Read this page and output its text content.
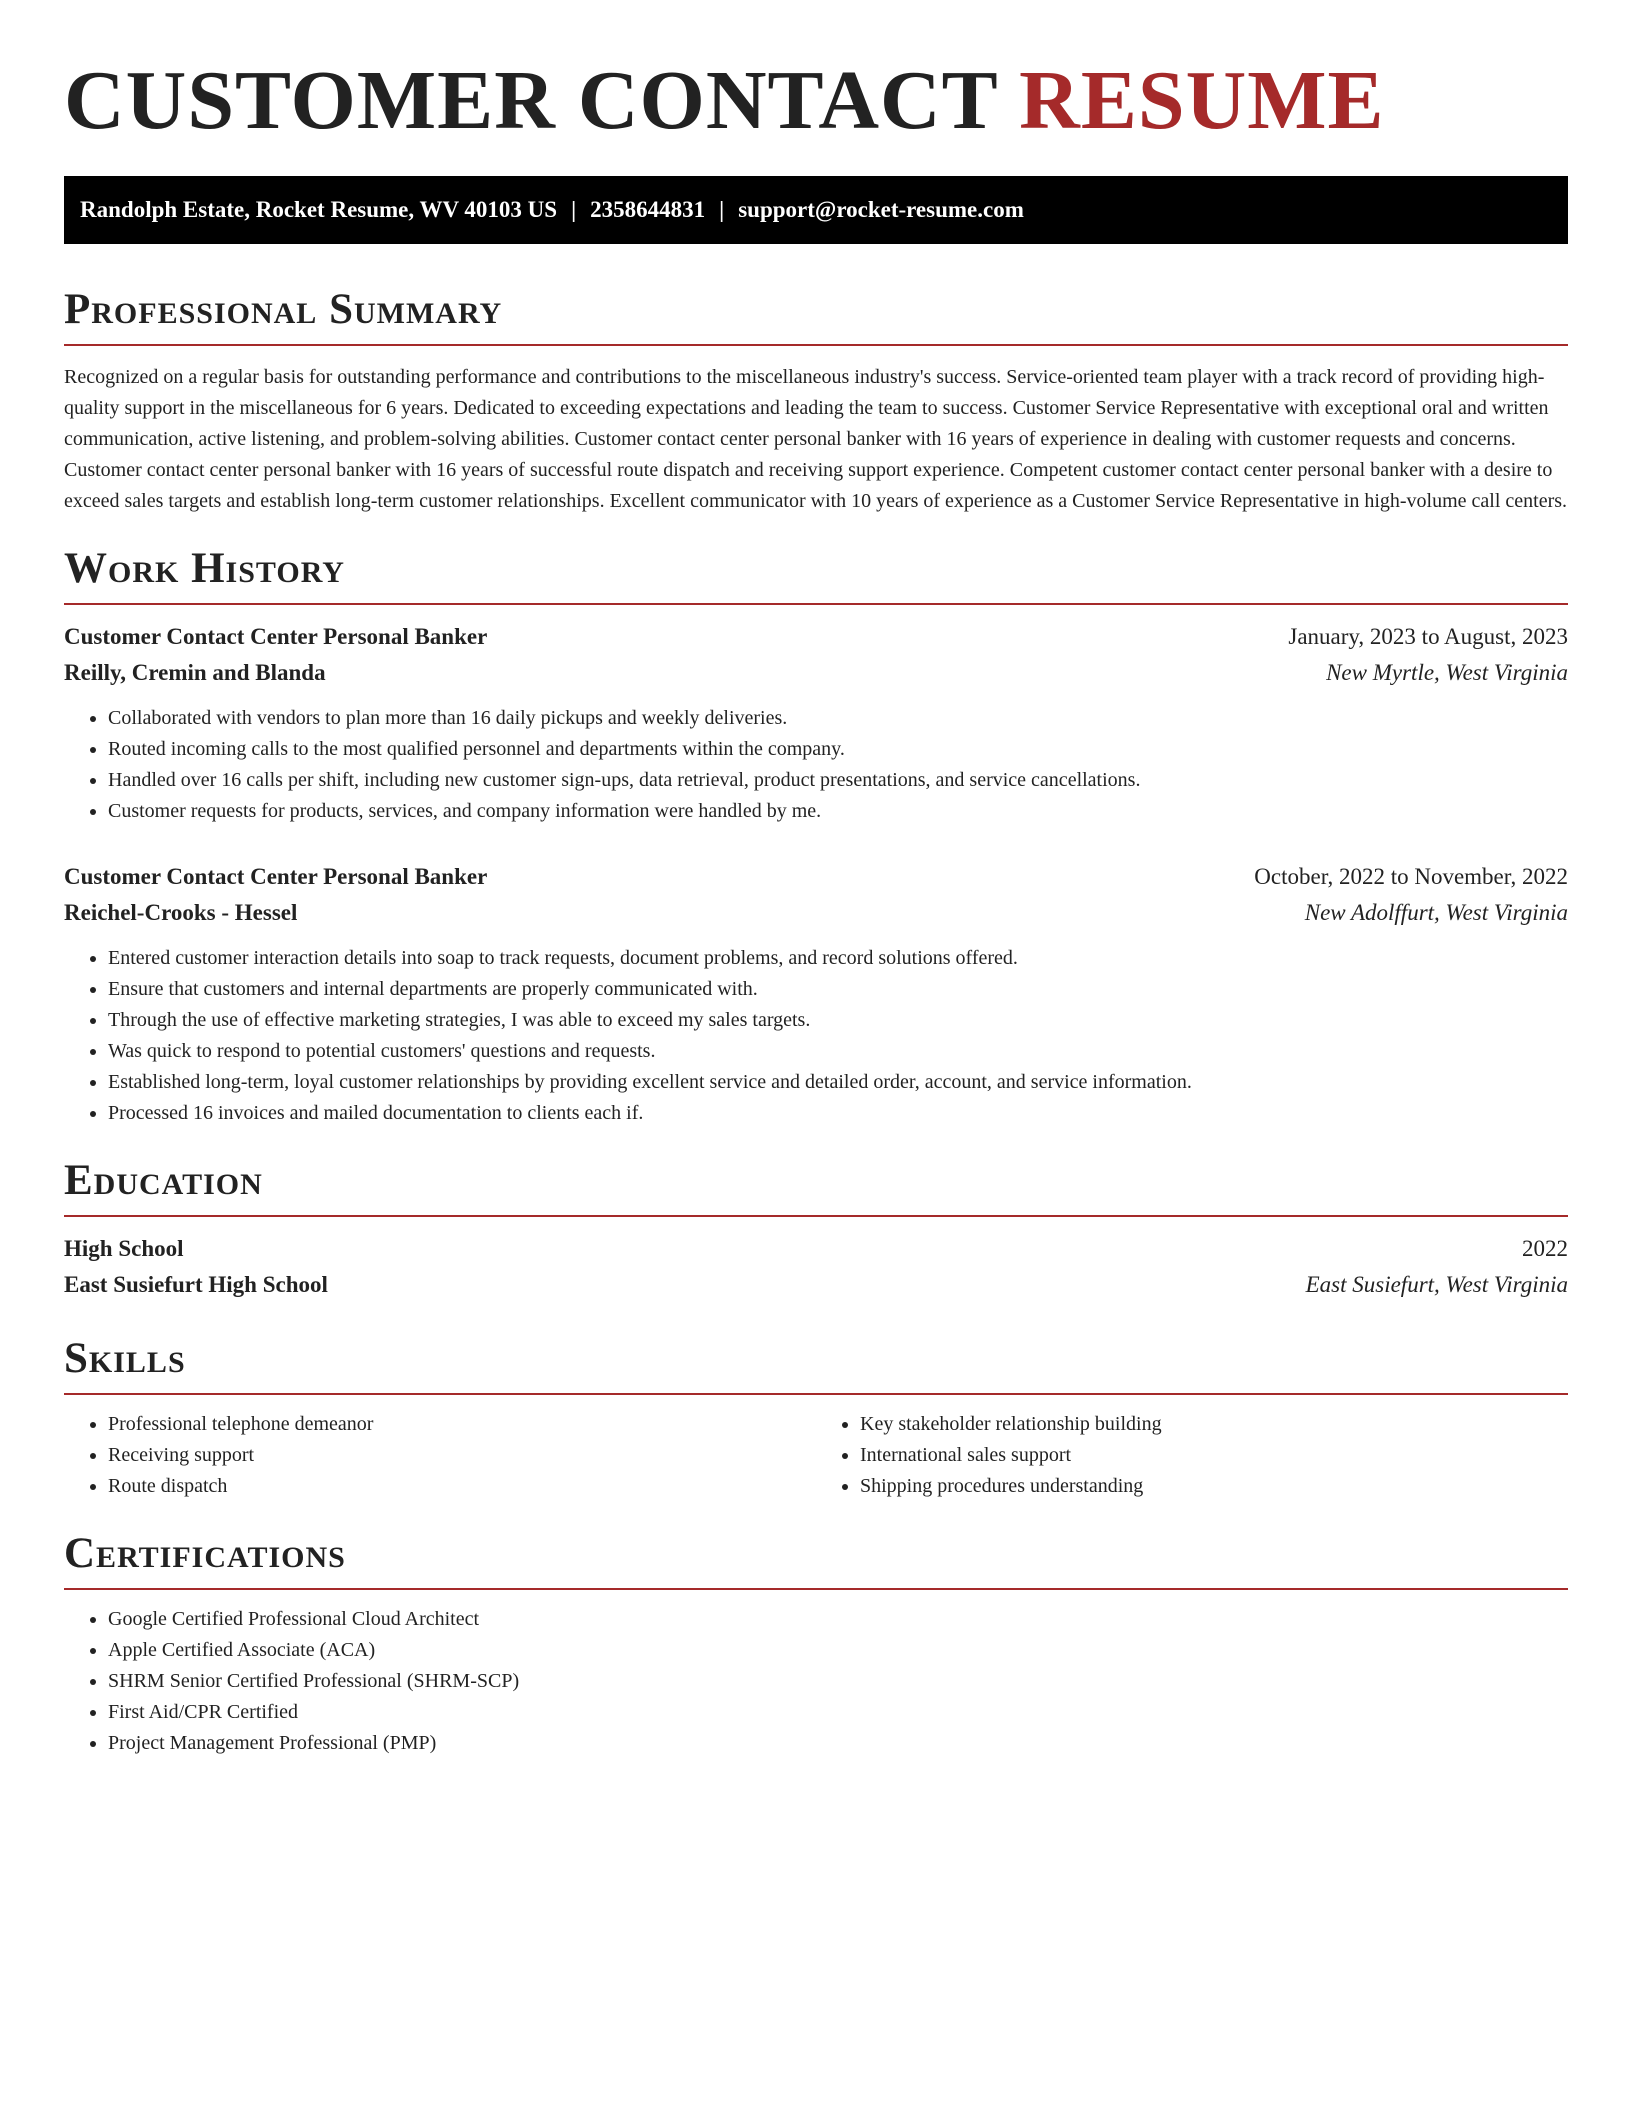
CUSTOMER CONTACT RESUME
Randolph Estate, Rocket Resume, WV 40103 US | 2358644831 | support@rocket-resume.com
Professional Summary

Recognized on a regular basis for outstanding performance and contributions to the miscellaneous industry's success. Service-oriented team player with a track record of providing high-quality support in the miscellaneous for 6 years. Dedicated to exceeding expectations and leading the team to success. Customer Service Representative with exceptional oral and written communication, active listening, and problem-solving abilities. Customer contact center personal banker with 16 years of experience in dealing with customer requests and concerns. Customer contact center personal banker with 16 years of successful route dispatch and receiving support experience. Competent customer contact center personal banker with a desire to exceed sales targets and establish long-term customer relationships. Excellent communicator with 10 years of experience as a Customer Service Representative in high-volume call centers.

Work History
Customer Contact Center Personal Banker	January, 2023 to August, 2023
Reilly, Cremin and Blanda	New Myrtle, West Virginia
• Collaborated with vendors to plan more than 16 daily pickups and weekly deliveries.
• Routed incoming calls to the most qualified personnel and departments within the company.
• Handled over 16 calls per shift, including new customer sign-ups, data retrieval, product presentations, and service cancellations.
• Customer requests for products, services, and company information were handled by me.
Customer Contact Center Personal Banker	October, 2022 to November, 2022
Reichel-Crooks - Hessel	New Adolffurt, West Virginia
• Entered customer interaction details into soap to track requests, document problems, and record solutions offered.
• Ensure that customers and internal departments are properly communicated with.
• Through the use of effective marketing strategies, I was able to exceed my sales targets.
• Was quick to respond to potential customers' questions and requests.
• Established long-term, loyal customer relationships by providing excellent service and detailed order, account, and service information.
• Processed 16 invoices and mailed documentation to clients each if.
Education
High School	2022
East Susiefurt High School	East Susiefurt, West Virginia
Skills
• Professional telephone demeanor
• Receiving support
• Route dispatch
• Key stakeholder relationship building
• International sales support
• Shipping procedures understanding
Certifications
• Google Certified Professional Cloud Architect
• Apple Certified Associate (ACA)
• SHRM Senior Certified Professional (SHRM-SCP)
• First Aid/CPR Certified
• Project Management Professional (PMP)
